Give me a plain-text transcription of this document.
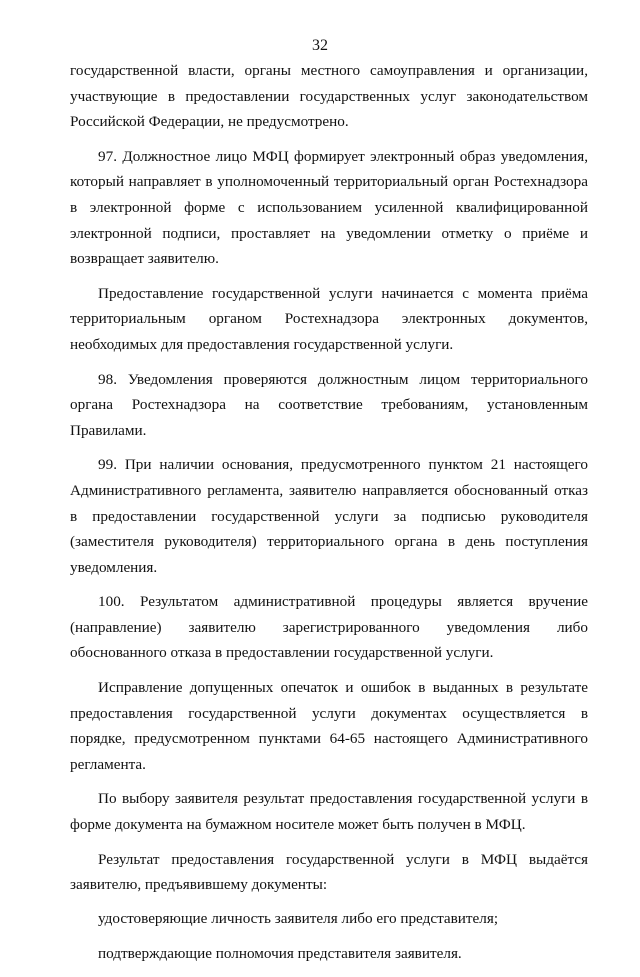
32

государственной власти, органы местного самоуправления и организации, участвующие в предоставлении государственных услуг законодательством Российской Федерации, не предусмотрено.

97. Должностное лицо МФЦ формирует электронный образ уведомления, который направляет в уполномоченный территориальный орган Ростехнадзора в электронной форме с использованием усиленной квалифицированной электронной подписи, проставляет на уведомлении отметку о приёме и возвращает заявителю.

Предоставление государственной услуги начинается с момента приёма территориальным органом Ростехнадзора электронных документов, необходимых для предоставления государственной услуги.

98. Уведомления проверяются должностным лицом территориального органа Ростехнадзора на соответствие требованиям, установленным Правилами.

99. При наличии основания, предусмотренного пунктом 21 настоящего Административного регламента, заявителю направляется обоснованный отказ в предоставлении государственной услуги за подписью руководителя (заместителя руководителя) территориального органа в день поступления уведомления.

100. Результатом административной процедуры является вручение (направление) заявителю зарегистрированного уведомления либо обоснованного отказа в предоставлении государственной услуги.

Исправление допущенных опечаток и ошибок в выданных в результате предоставления государственной услуги документах осуществляется в порядке, предусмотренном пунктами 64-65 настоящего Административного регламента.

По выбору заявителя результат предоставления государственной услуги в форме документа на бумажном носителе может быть получен в МФЦ.

Результат предоставления государственной услуги в МФЦ выдаётся заявителю, предъявившему документы:

удостоверяющие личность заявителя либо его представителя;

подтверждающие полномочия представителя заявителя.
